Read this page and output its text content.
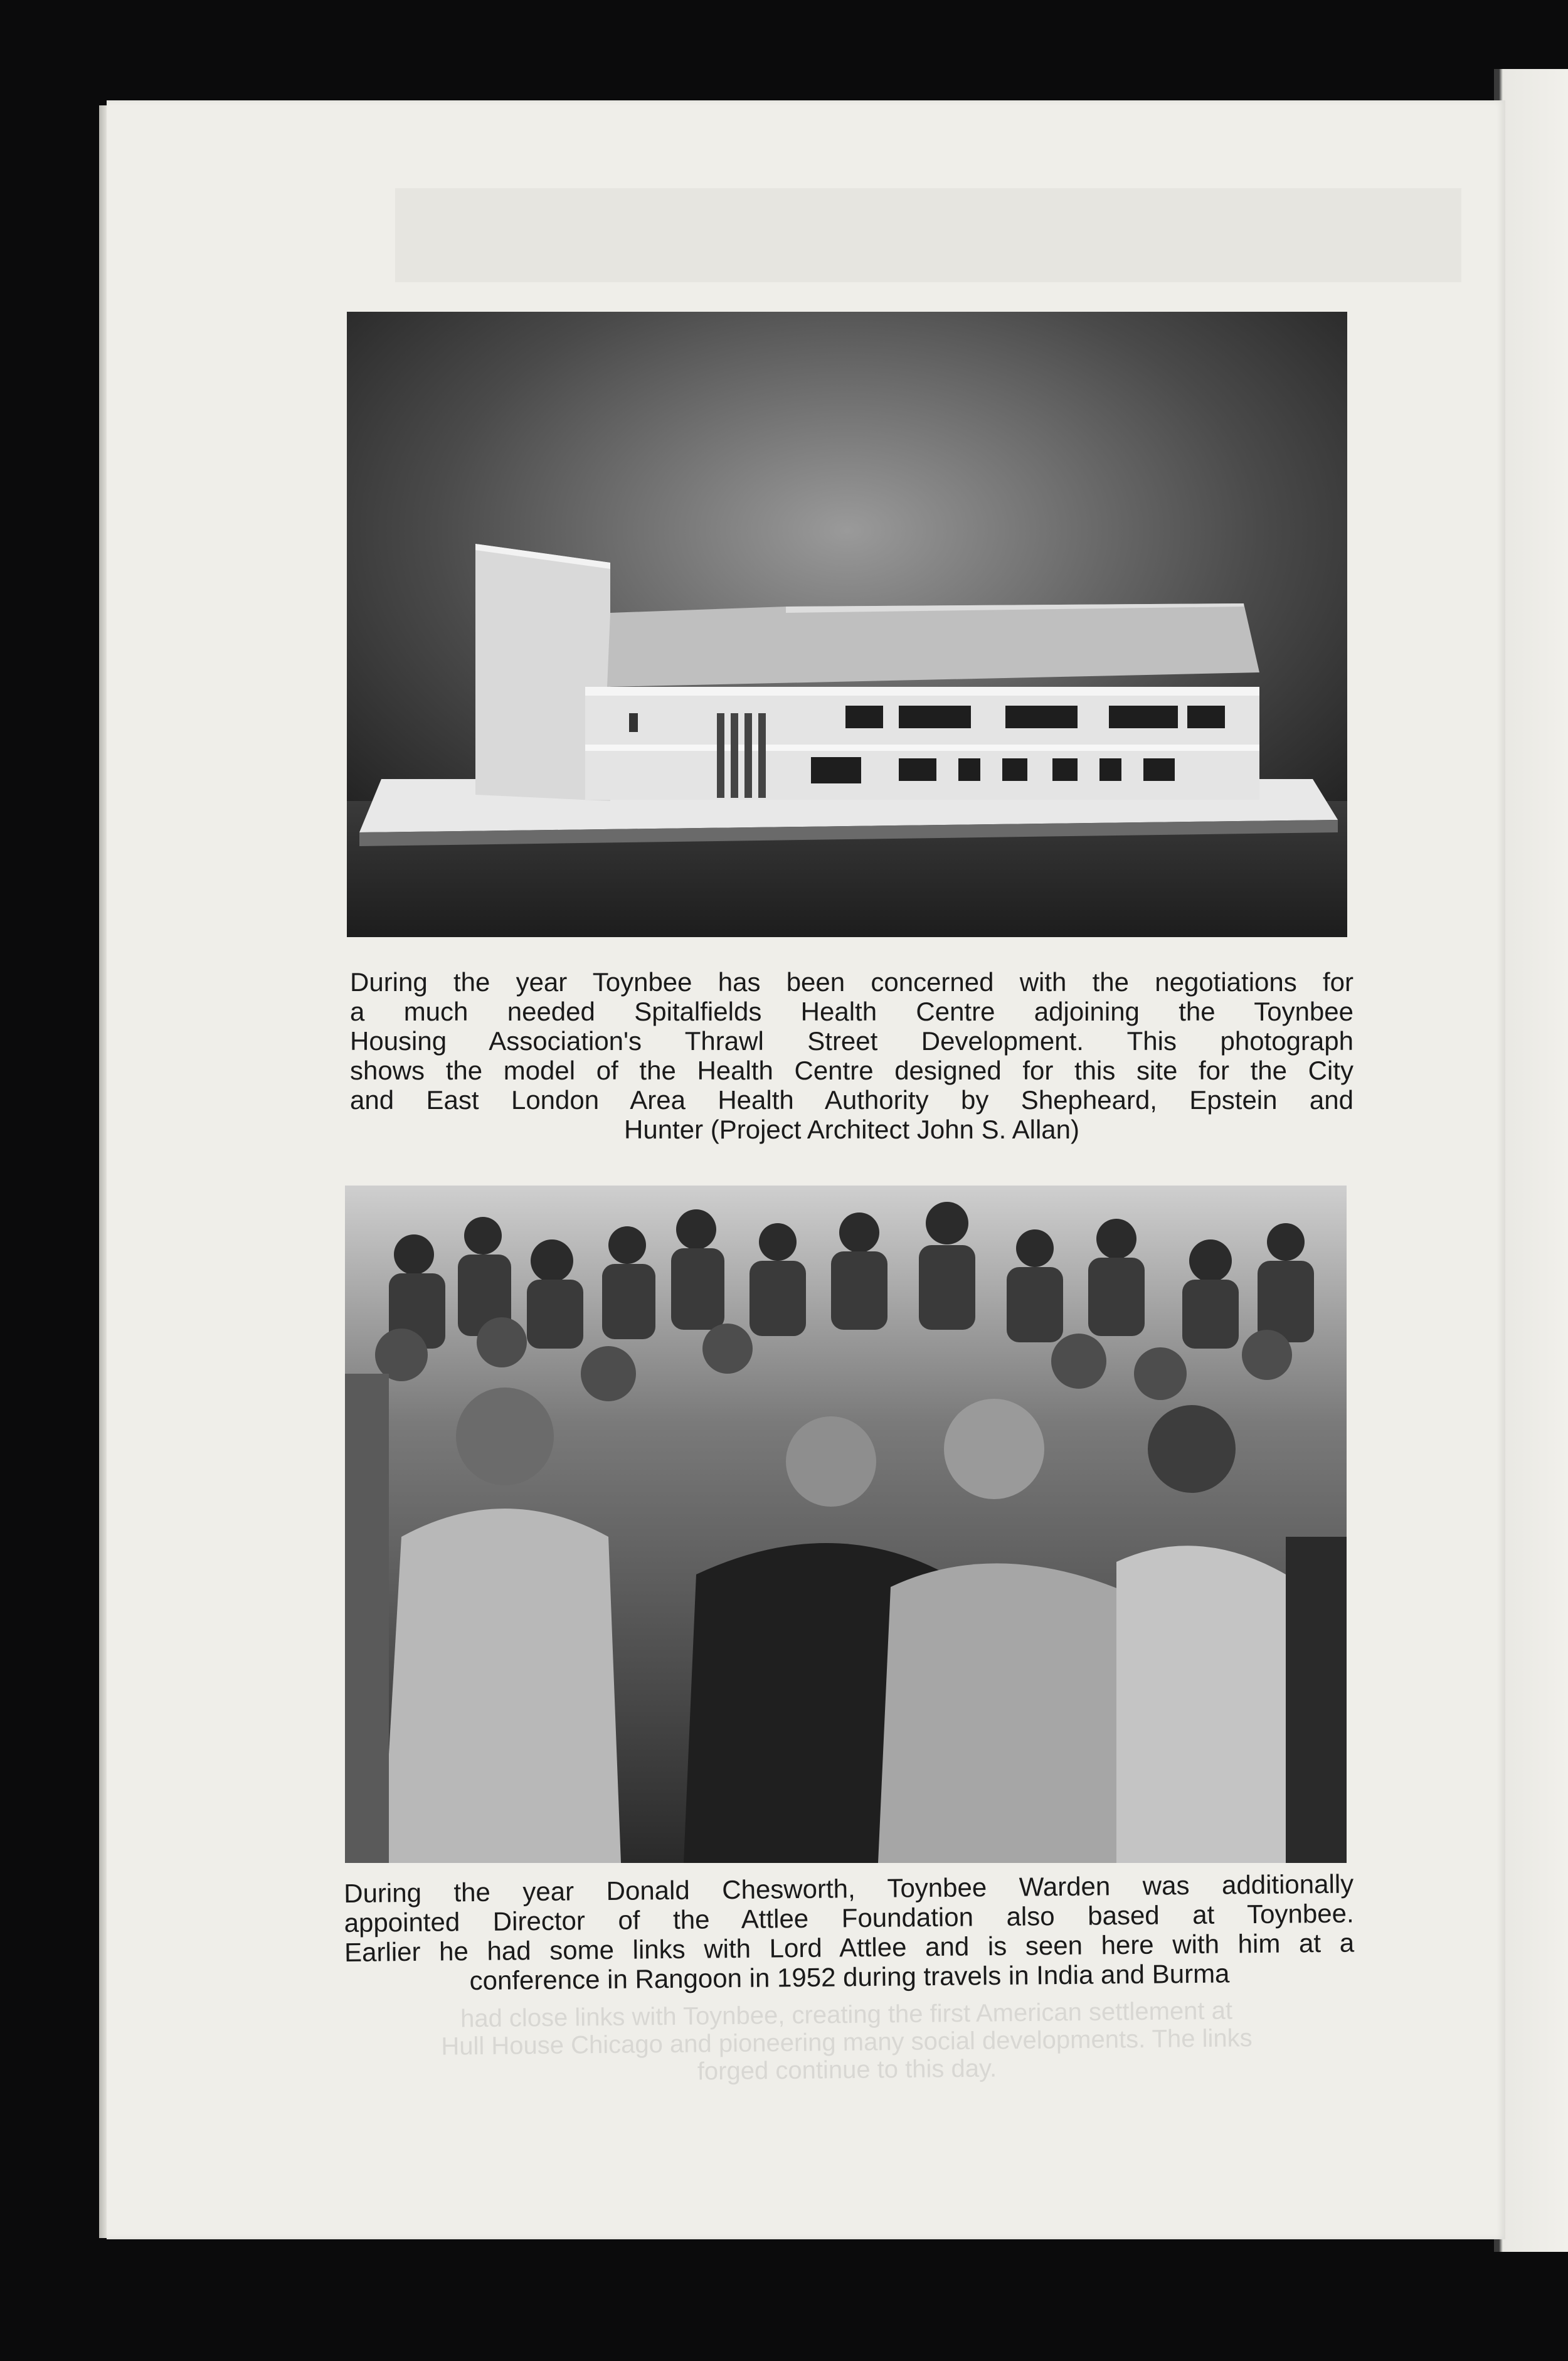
During the year Toynbee has been concerned with the negotiations for
a much needed Spitalfields Health Centre adjoining the Toynbee
Housing Association's Thrawl Street Development. This photograph
shows the model of the Health Centre designed for this site for the City
and East London Area Health Authority by Shepheard, Epstein and
Hunter (Project Architect John S. Allan)
During the year Donald Chesworth, Toynbee Warden was additionally
appointed Director of the Attlee Foundation also based at Toynbee.
Earlier he had some links with Lord Attlee and is seen here with him at a
conference in Rangoon in 1952 during travels in India and Burma
had close links with Toynbee, creating the first American settlement at
Hull House Chicago and pioneering many social developments. The links
forged continue to this day.
